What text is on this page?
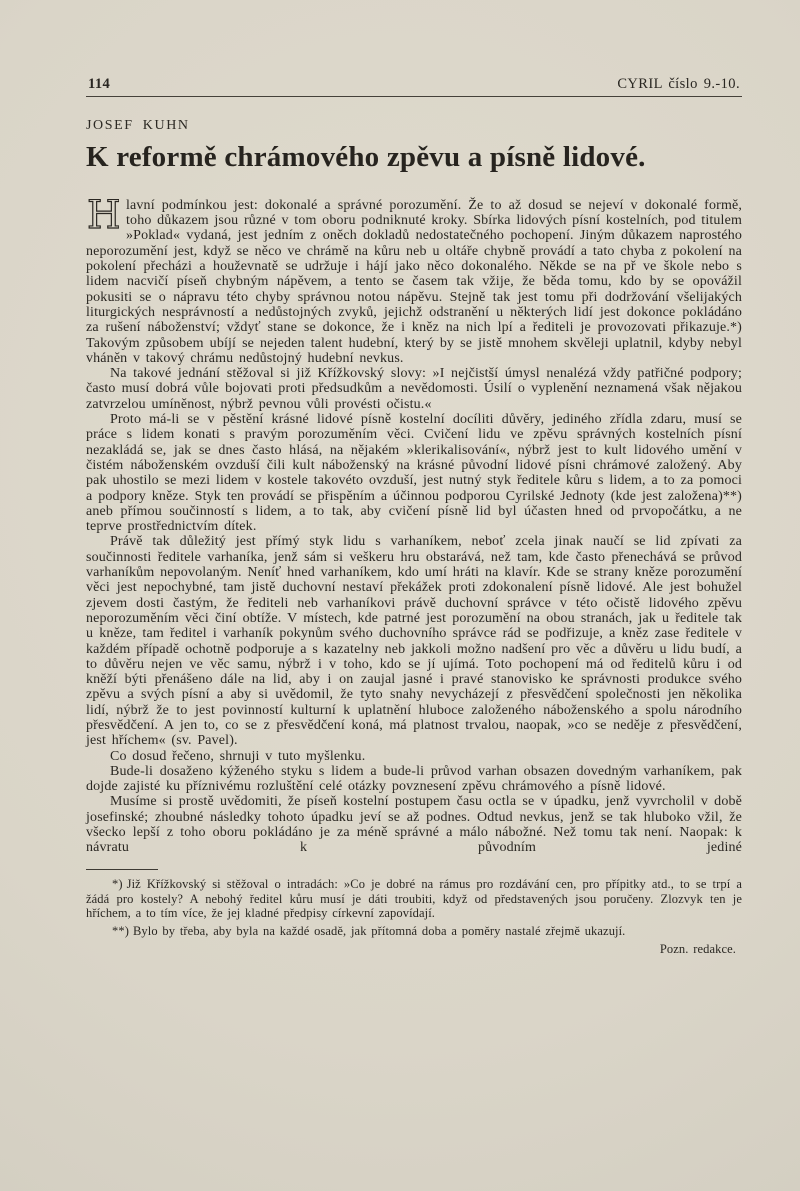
114	CYRIL číslo 9.-10.
JOSEF KUHN
K reformě chrámového zpěvu a písně lidové.

H lavní podmínkou jest: dokonalé a správné porozumění. Že to až dosud se nejeví v dokonalé formě, toho důkazem jsou různé v tom oboru podniknuté kroky. Sbírka lidových písní kostelních, pod titulem »Poklad« vydaná, jest jedním z oněch dokladů nedostatečného pochopení. Jiným důkazem naprostého neporozumění jest, když se něco ve chrámě na kůru neb u oltáře chybně provádí a tato chyba z pokolení na pokolení přecházi a houževnatě se udržuje i hájí jako něco dokonalého. Někde se na př ve škole nebo s lidem nacvičí píseň chybným nápěvem, a tento se časem tak vžije, že běda tomu, kdo by se opovážil pokusiti se o nápravu této chyby správnou notou nápěvu. Stejně tak jest tomu při dodržování všelijakých liturgických nesprávností a nedůstojných zvyků, jejichž odstranění u některých lidí jest dokonce pokládáno za rušení náboženství; vždyť stane se dokonce, že i kněz na nich lpí a řediteli je provozovati přikazuje.*) Takovým způsobem ubíjí se nejeden talent hudební, který by se jistě mnohem skvěleji uplatnil, kdyby nebyl vháněn v takový chrámu nedůstojný hudební nevkus.

Na takové jednání stěžoval si již Křížkovský slovy: »I nejčistší úmysl nenalézá vždy patřičné podpory; často musí dobrá vůle bojovati proti předsudkům a nevědomosti. Úsilí o vyplenění neznamená však nějakou zatvrzelou umíněnost, nýbrž pevnou vůli provésti očistu.«

Proto má-li se v pěstění krásné lidové písně kostelní docíliti důvěry, jediného zřídla zdaru, musí se práce s lidem konati s pravým porozuměním věci. Cvičení lidu ve zpěvu správných kostelních písní nezakládá se, jak se dnes často hlásá, na nějakém »klerikalisování«, nýbrž jest to kult lidového umění v čistém náboženském ovzduší čili kult náboženský na krásné původní lidové písni chrámové založený. Aby pak uhostilo se mezi lidem v kostele takovéto ovzduší, jest nutný styk ředitele kůru s lidem, a to za pomoci a podpory kněze. Styk ten provádí se přispěním a účinnou podporou Cyrilské Jednoty (kde jest založena)**) aneb přímou součinností s lidem, a to tak, aby cvičení písně lid byl účasten hned od prvopočátku, a ne teprve prostřednictvím dítek.

Právě tak důležitý jest přímý styk lidu s varhaníkem, neboť zcela jinak naučí se lid zpívati za součinnosti ředitele varhaníka, jenž sám si veškeru hru obstarává, než tam, kde často přenechává se průvod varhaníkům nepovolaným. Neníť hned varhaníkem, kdo umí hráti na klavír. Kde se strany kněze porozumění věci jest nepochybné, tam jistě duchovní nestaví překážek proti zdokonalení písně lidové. Ale jest bohužel zjevem dosti častým, že řediteli neb varhaníkovi právě duchovní správce v této očistě lidového zpěvu neporozuměním věci činí obtíže. V místech, kde patrné jest porozumění na obou stranách, jak u ředitele tak u kněze, tam ředitel i varhaník pokynům svého duchovního správce rád se podřizuje, a kněz zase ředitele v každém případě ochotně podporuje a s kazatelny neb jakkoli možno nadšení pro věc a důvěru u lidu budí, a to důvěru nejen ve věc samu, nýbrž i v toho, kdo se jí ujímá. Toto pochopení má od ředitelů kůru i od kněží býti přenášeno dále na lid, aby i on zaujal jasné i pravé stanovisko ke správnosti produkce svého zpěvu a svých písní a aby si uvědomil, že tyto snahy nevycházejí z přesvědčení společnosti jen několika lidí, nýbrž že to jest povinností kulturní k uplatnění hluboce založeného náboženského a spolu národního přesvědčení. A jen to, co se z přesvědčení koná, má platnost trvalou, naopak, »co se neděje z přesvědčení, jest hříchem« (sv. Pavel).

Co dosud řečeno, shrnuji v tuto myšlenku.

Bude-li dosaženo kýženého styku s lidem a bude-li průvod varhan obsazen dovedným varhaníkem, pak dojde zajisté ku příznivému rozluštění celé otázky povznesení zpěvu chrámového a písně lidové.

Musíme si prostě uvědomiti, že píseň kostelní postupem času octla se v úpadku, jenž vyvrcholil v době josefinské; zhoubné následky tohoto úpadku jeví se až podnes. Odtud nevkus, jenž se tak hluboko vžil, že všecko lepší z toho oboru pokládáno je za méně správné a málo nábožné. Než tomu tak není. Naopak: k návratu k původním jediné

*) Již Křížkovský si stěžoval o intradách: »Co je dobré na rámus pro rozdávání cen, pro přípitky atd., to se trpí a žádá pro kostely? A nebohý ředitel kůru musí je dáti troubiti, když od představených jsou poručeny. Zlozvyk ten je hříchem, a to tím více, že jej kladné předpisy církevní zapovídají.

**) Bylo by třeba, aby byla na každé osadě, jak přítomná doba a poměry nastalé zřejmě ukazují.

Pozn. redakce.
